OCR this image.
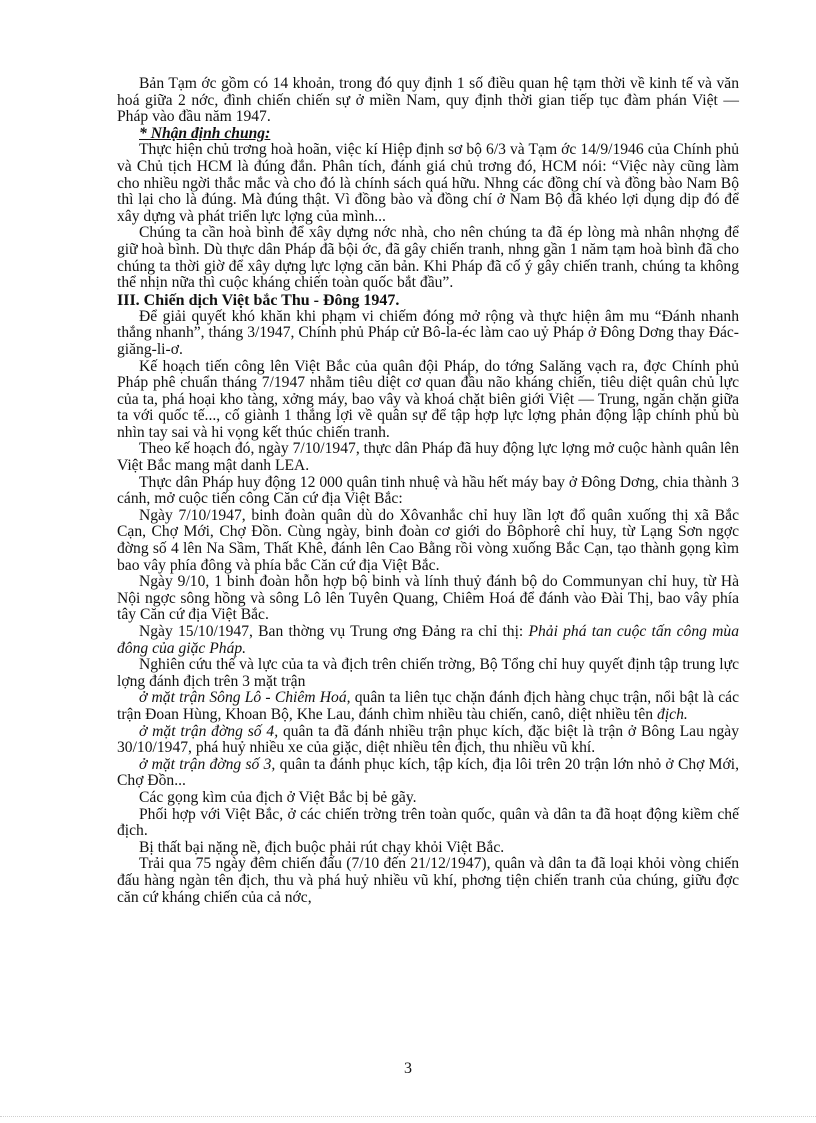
Bản Tạm ớc gồm có 14 khoản, trong đó quy định 1 số điều quan hệ tạm thời về kinh tế và văn hoá giữa 2 nớc, đình chiến chiến sự ở miền Nam, quy định thời gian tiếp tục đàm phán Việt — Pháp vào đầu năm 1947.

* Nhận định chung:

Thực hiện chủ trơng hoà hoãn, việc kí Hiệp định sơ bộ 6/3 và Tạm ớc 14/9/1946 của Chính phủ và Chủ tịch HCM là đúng đắn. Phân tích, đánh giá chủ trơng đó, HCM nói: “Việc này cũng làm cho nhiều ngời thắc mắc và cho đó là chính sách quá hữu. Nhng các đồng chí và đồng bào Nam Bộ thì lại cho là đúng. Mà đúng thật. Vì đồng bào và đồng chí ở Nam Bộ đã khéo lợi dụng dịp đó để xây dựng và phát triển lực lợng của mình...

Chúng ta cần hoà bình để xây dựng nớc nhà, cho nên chúng ta đã ép lòng mà nhân nhợng để giữ hoà bình. Dù thực dân Pháp đã bội ớc, đã gây chiến tranh, nhng gần 1 năm tạm hoà bình đã cho chúng ta thời giờ để xây dựng lực lợng căn bản. Khi Pháp đã cố ý gây chiến tranh, chúng ta không thể nhịn nữa thì cuộc kháng chiến toàn quốc bắt đầu”.

III. Chiến dịch Việt bắc Thu - Đông 1947.

Để giải quyết khó khăn khi phạm vi chiếm đóng mở rộng và thực hiện âm mu “Đánh nhanh thắng nhanh”, tháng 3/1947, Chính phủ Pháp cử Bô-la-éc làm cao uỷ Pháp ở Đông Dơng thay Đác-giăng-li-ơ.

Kế hoạch tiến công lên Việt Bắc của quân đội Pháp, do tớng Salăng vạch ra, đợc Chính phủ Pháp phê chuẩn tháng 7/1947 nhằm tiêu diệt cơ quan đầu não kháng chiến, tiêu diệt quân chủ lực của ta, phá hoại kho tàng, xởng máy, bao vây và khoá chặt biên giới Việt — Trung, ngăn chặn giữa ta với quốc tế..., cố giành 1 thắng lợi về quân sự để tập hợp lực lợng phản động lập chính phủ bù nhìn tay sai và hi vọng kết thúc chiến tranh.

Theo kế hoạch đó, ngày 7/10/1947, thực dân Pháp đã huy động lực lợng mở cuộc hành quân lên Việt Bắc mang mật danh LEA.

Thực dân Pháp huy động 12 000 quân tinh nhuệ và hầu hết máy bay ở Đông Dơng, chia thành 3 cánh, mở cuộc tiến công Căn cứ địa Việt Bắc:

Ngày 7/10/1947, binh đoàn quân dù do Xôvanhắc chỉ huy lần lợt đổ quân xuống thị xã Bắc Cạn, Chợ Mới, Chợ Đồn. Cùng ngày, binh đoàn cơ giới do Bôphorê chỉ huy, từ Lạng Sơn ngợc đờng số 4 lên Na Sầm, Thất Khê, đánh lên Cao Bằng rồi vòng xuống Bắc Cạn, tạo thành gọng kìm bao vây phía đông và phía bắc Căn cứ địa Việt Bắc.

Ngày 9/10, 1 binh đoàn hỗn hợp bộ binh và lính thuỷ đánh bộ do Communyan chỉ huy, từ Hà Nội ngợc sông hồng và sông Lô lên Tuyên Quang, Chiêm Hoá để đánh vào Đài Thị, bao vây phía tây Căn cứ địa Việt Bắc.

Ngày 15/10/1947, Ban thờng vụ Trung ơng Đảng ra chỉ thị: Phải phá tan cuộc tấn công mùa đông của giặc Pháp.

Nghiên cứu thế và lực của ta và địch trên chiến trờng, Bộ Tổng chỉ huy quyết định tập trung lực lợng đánh địch trên 3 mặt trận

ở mặt trận Sông Lô - Chiêm Hoá, quân ta liên tục chặn đánh địch hàng chục trận, nổi bật là các trận Đoan Hùng, Khoan Bộ, Khe Lau, đánh chìm nhiều tàu chiến, canô, diệt nhiều tên địch.

ở mặt trận đờng số 4, quân ta đã đánh nhiều trận phục kích, đặc biệt là trận ở Bông Lau ngày 30/10/1947, phá huỷ nhiều xe của giặc, diệt nhiều tên địch, thu nhiều vũ khí.

ở mặt trận đờng số 3, quân ta đánh phục kích, tập kích, địa lôi trên 20 trận lớn nhỏ ở Chợ Mới, Chợ Đồn...

Các gọng kìm của địch ở Việt Bắc bị bẻ gãy.

Phối hợp với Việt Bắc, ở các chiến trờng trên toàn quốc, quân và dân ta đã hoạt động kiềm chế địch.

Bị thất bại nặng nề, địch buộc phải rút chạy khỏi Việt Bắc.

Trải qua 75 ngày đêm chiến đấu (7/10 đến 21/12/1947), quân và dân ta đã loại khỏi vòng chiến đấu hàng ngàn tên địch, thu và phá huỷ nhiều vũ khí, phơng tiện chiến tranh của chúng, giữu đợc căn cứ kháng chiến của cả nớc,

3
